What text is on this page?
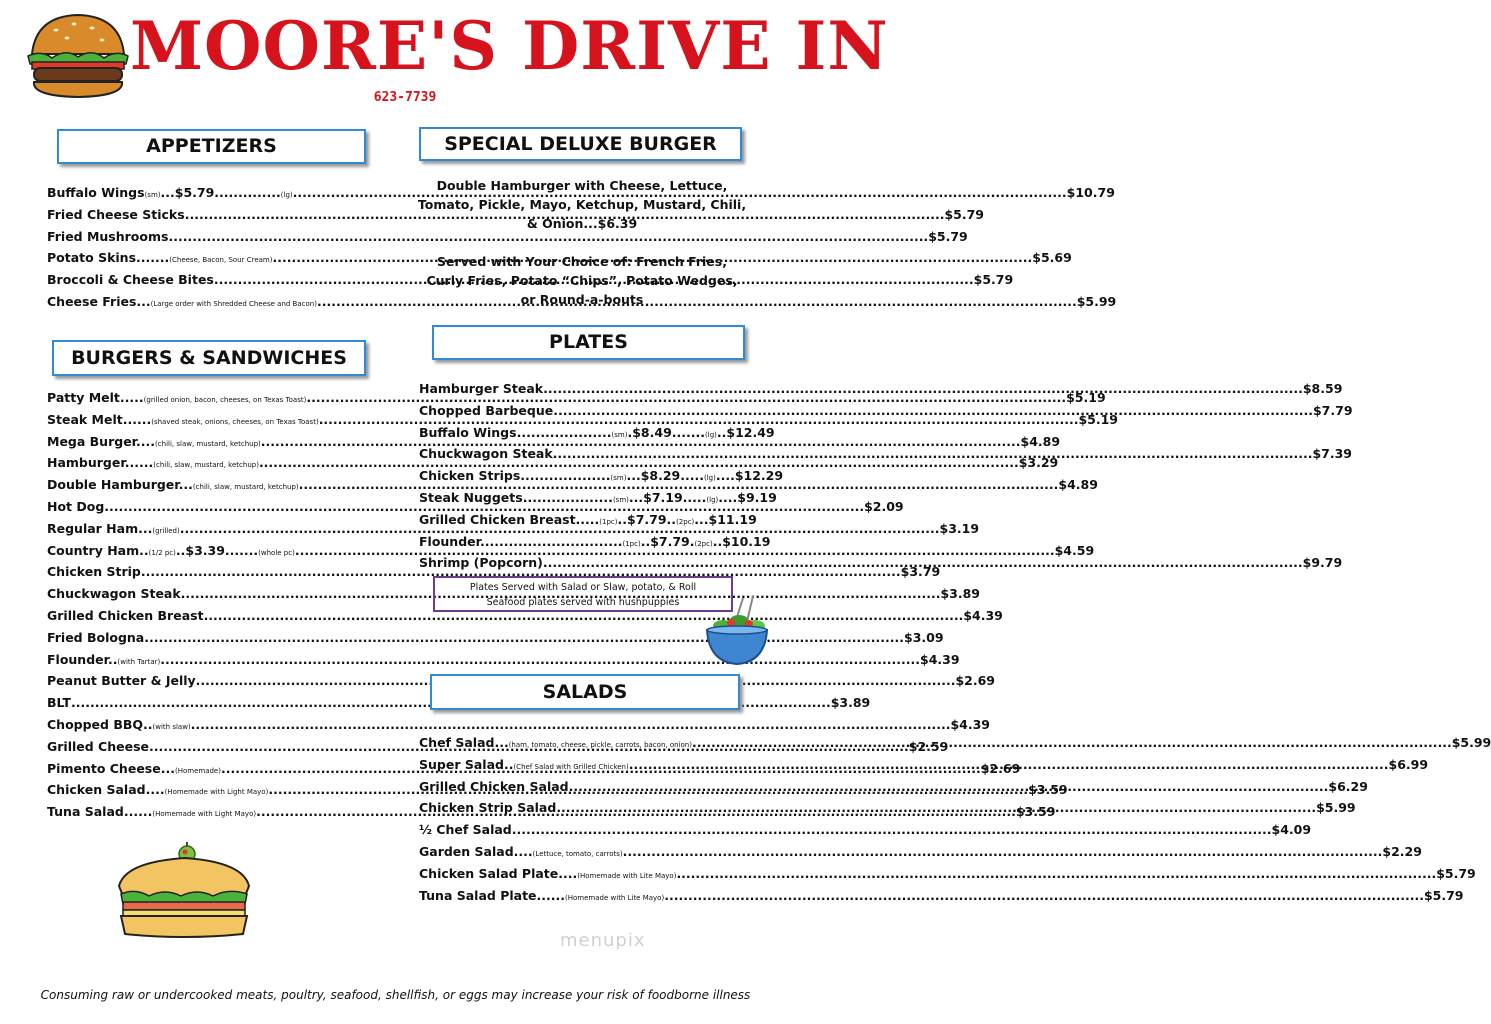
MOORE'S DRIVE IN
623-7739
APPETIZERS
Buffalo Wings (sm) ...$5.79.............. (lg) .....	...$10.79
Fried Cheese Sticks .....	$5.79
Fried Mushrooms .....	$5.79
Potato Skins....... (Cheese, Bacon, Sour Cream) .....	$5.69
Broccoli & Cheese Bites .....	$5.79
Cheese Fries... (Large order with Shredded Cheese and Bacon) .....	$5.99
BURGERS & SANDWICHES
Patty Melt..... (grilled onion, bacon, cheeses, on Texas Toast) .....	$5.19
Steak Melt...... (shaved steak, onions, cheeses, on Texas Toast) .....	$5.19
Mega Burger.... (chili, slaw, mustard, ketchup) .....	$4.89
Hamburger...... (chili, slaw, mustard, ketchup) .....	$3.29
Double Hamburger... (chili, slaw, mustard, ketchup) .....	$4.89
Hot Dog .....	$2.09
Regular Ham... (grilled) .....	$3.19
Country Ham.. (1/2 pc) ..$3.39....... (whole pc) .....	$4.59
Chicken Strip .....	$3.79
Chuckwagon Steak .....	$3.89
Grilled Chicken Breast .....	$4.39
Fried Bologna .....	$3.09
Flounder.. (with Tartar) .....	$4.39
Peanut Butter & Jelly .....	$2.69
BLT .....	$3.89
Chopped BBQ.. (with slaw) .....	$4.39
Grilled Cheese .....	$2.59
Pimento Cheese... (Homemade) .....	$2.69
Chicken Salad.... (Homemade with Light Mayo) .....	$3.59
Tuna Salad...... (Homemade with Light Mayo) .....	$3.59
SPECIAL DELUXE BURGER
Double Hamburger with Cheese, Lettuce, Tomato, Pickle, Mayo, Ketchup, Mustard, Chili, & Onion...$6.39
Served with Your Choice of: French Fries, Curly Fries, Potato “Chips”, Potato Wedges, or Round-a-bouts
PLATES
Hamburger Steak .....	$8.59
Chopped Barbeque .....	$7.79
Buffalo Wings.................... (sm) .$8.49....... (lg) ..$12.49
Chuckwagon Steak .....	$7.39
Chicken Strips................... (sm) ...$8.29..... (lg) ....$12.29
Steak Nuggets................... (sm) ...$7.19..... (lg) ....$9.19
Grilled Chicken Breast..... (1pc) ..$7.79.. (2pc) ...$11.19
Flounder.............................. (1pc) ..$7.79. (2pc) ..$10.19
Shrimp (Popcorn) .....	$9.79
Plates Served with Salad or Slaw, potato, & Roll
Seafood plates served with hushpuppies
SALADS
Chef Salad... (ham, tomato, cheese, pickle, carrots, bacon, onion) .....	$5.99
Super Salad.. (Chef Salad with Grilled Chicken) .....	$6.99
Grilled Chicken Salad .....	$6.29
Chicken Strip Salad .....	$5.99
½ Chef Salad .....	$4.09
Garden Salad.... (Lettuce, tomato, carrots) .....	$2.29
Chicken Salad Plate.... (Homemade with Lite Mayo) .....	$5.79
Tuna Salad Plate...... (Homemade with Lite Mayo) .....	$5.79
menupix
Consuming raw or undercooked meats, poultry, seafood, shellfish, or eggs may increase your risk of foodborne illness
